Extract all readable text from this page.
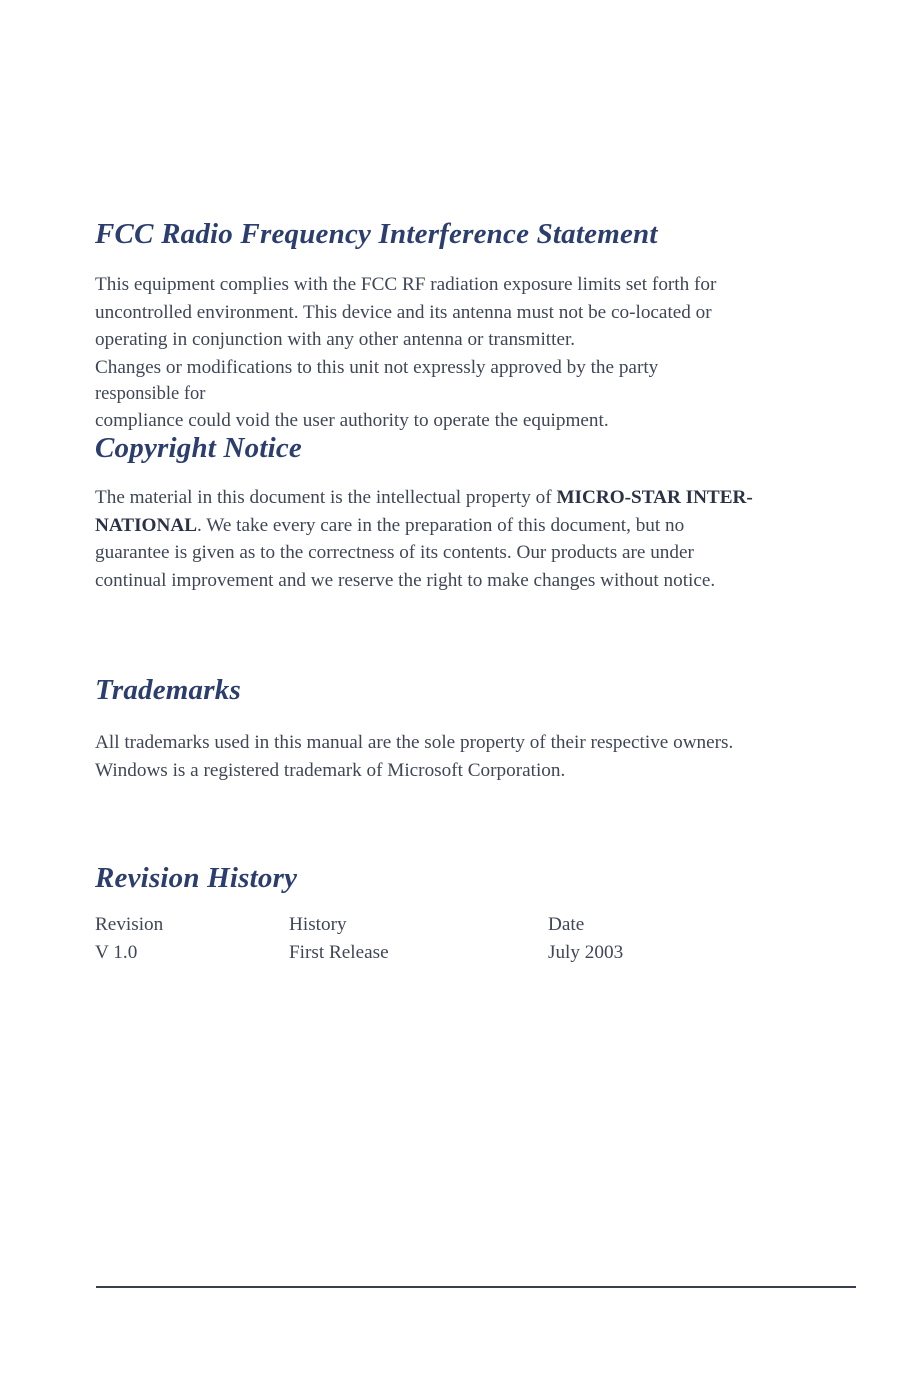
FCC Radio Frequency Interference Statement
This equipment complies with the FCC RF radiation exposure limits set forth for
uncontrolled environment. This device and its antenna must not be co-located or
operating in conjunction with any other antenna or transmitter.
Changes or modifications to this unit not expressly approved by the party
responsible for
compliance could void the user authority to operate the equipment.
Copyright Notice
The material in this document is the intellectual property of MICRO-STAR INTER-
NATIONAL. We take every care in the preparation of this document, but no
guarantee is given as to the correctness of its contents. Our products are under
continual improvement and we reserve the right to make changes without notice.
Trademarks
All trademarks used in this manual are the sole property of their respective owners.
Windows is a registered trademark of Microsoft Corporation.
Revision History
Revision	History	Date
V 1.0	First Release	July 2003
